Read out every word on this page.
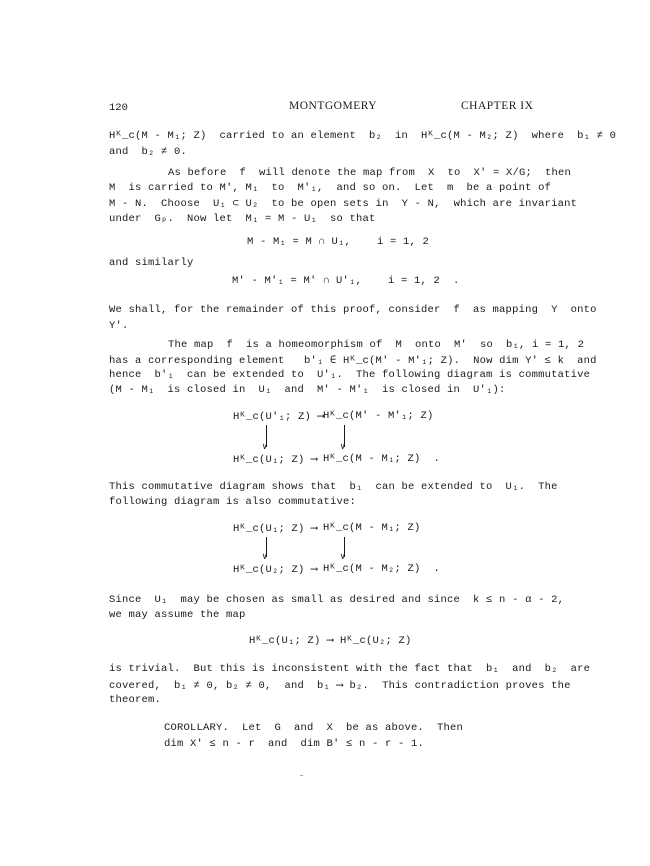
120	MONTGOMERY	CHAPTER IX
Hᴷ_c(M - M₁; Z)  carried to an element  b₂  in  Hᴷ_c(M - M₂; Z)  where  b₁ ≠ 0
and  b₂ ≠ 0.
As before  f  will denote the map from  X  to  X' = X/G;  then
M  is carried to M', M₁  to  M'₁,  and so on.  Let  m  be a point of
M - N.  Choose  U₁ ⊂ U₂  to be open sets in  Y - N,  which are invariant
under  Gₚ.  Now let  M₁ = M - U₁  so that
M - M₁ = M ∩ U₁,    i = 1, 2
and similarly
M' - M'₁ = M' ∩ U'₁,    i = 1, 2  .
We shall, for the remainder of this proof, consider  f  as mapping  Y  onto
Y'.
The map  f  is a homeomorphism of  M  onto  M'  so  b₁, i = 1, 2
has a corresponding element   b'₁ ∈ Hᴷ_c(M' - M'₁; Z).  Now dim Y' ≤ k  and
hence  b'₁  can be extended to  U'₁.  The following diagram is commutative
(M - M₁  is closed in  U₁  and  M' - M'₁  is closed in  U'₁):
Hᴷ_c(U'₁; Z) ⟶
Hᴷ_c(M' - M'₁; Z)
∨	∨
Hᴷ_c(U₁; Z) ⟶ Hᴷ_c(M - M₁; Z)  .
This commutative diagram shows that  b₁  can be extended to  U₁.  The
following diagram is also commutative:
Hᴷ_c(U₁; Z) ⟶ Hᴷ_c(M - M₁; Z)
∨	∨
Hᴷ_c(U₂; Z) ⟶ Hᴷ_c(M - M₂; Z)  .
Since  U₁  may be chosen as small as desired and since  k ≤ n - α - 2,
we may assume the map
Hᴷ_c(U₁; Z) ⟶ Hᴷ_c(U₂; Z)
is trivial.  But this is inconsistent with the fact that  b₁  and  b₂  are
covered,  b₁ ≠ 0, b₂ ≠ 0,  and  b₁ ⟶ b₂.  This contradiction proves the
theorem.
COROLLARY.  Let  G  and  X  be as above.  Then
dim X' ≤ n - r  and  dim B' ≤ n - r - 1.
